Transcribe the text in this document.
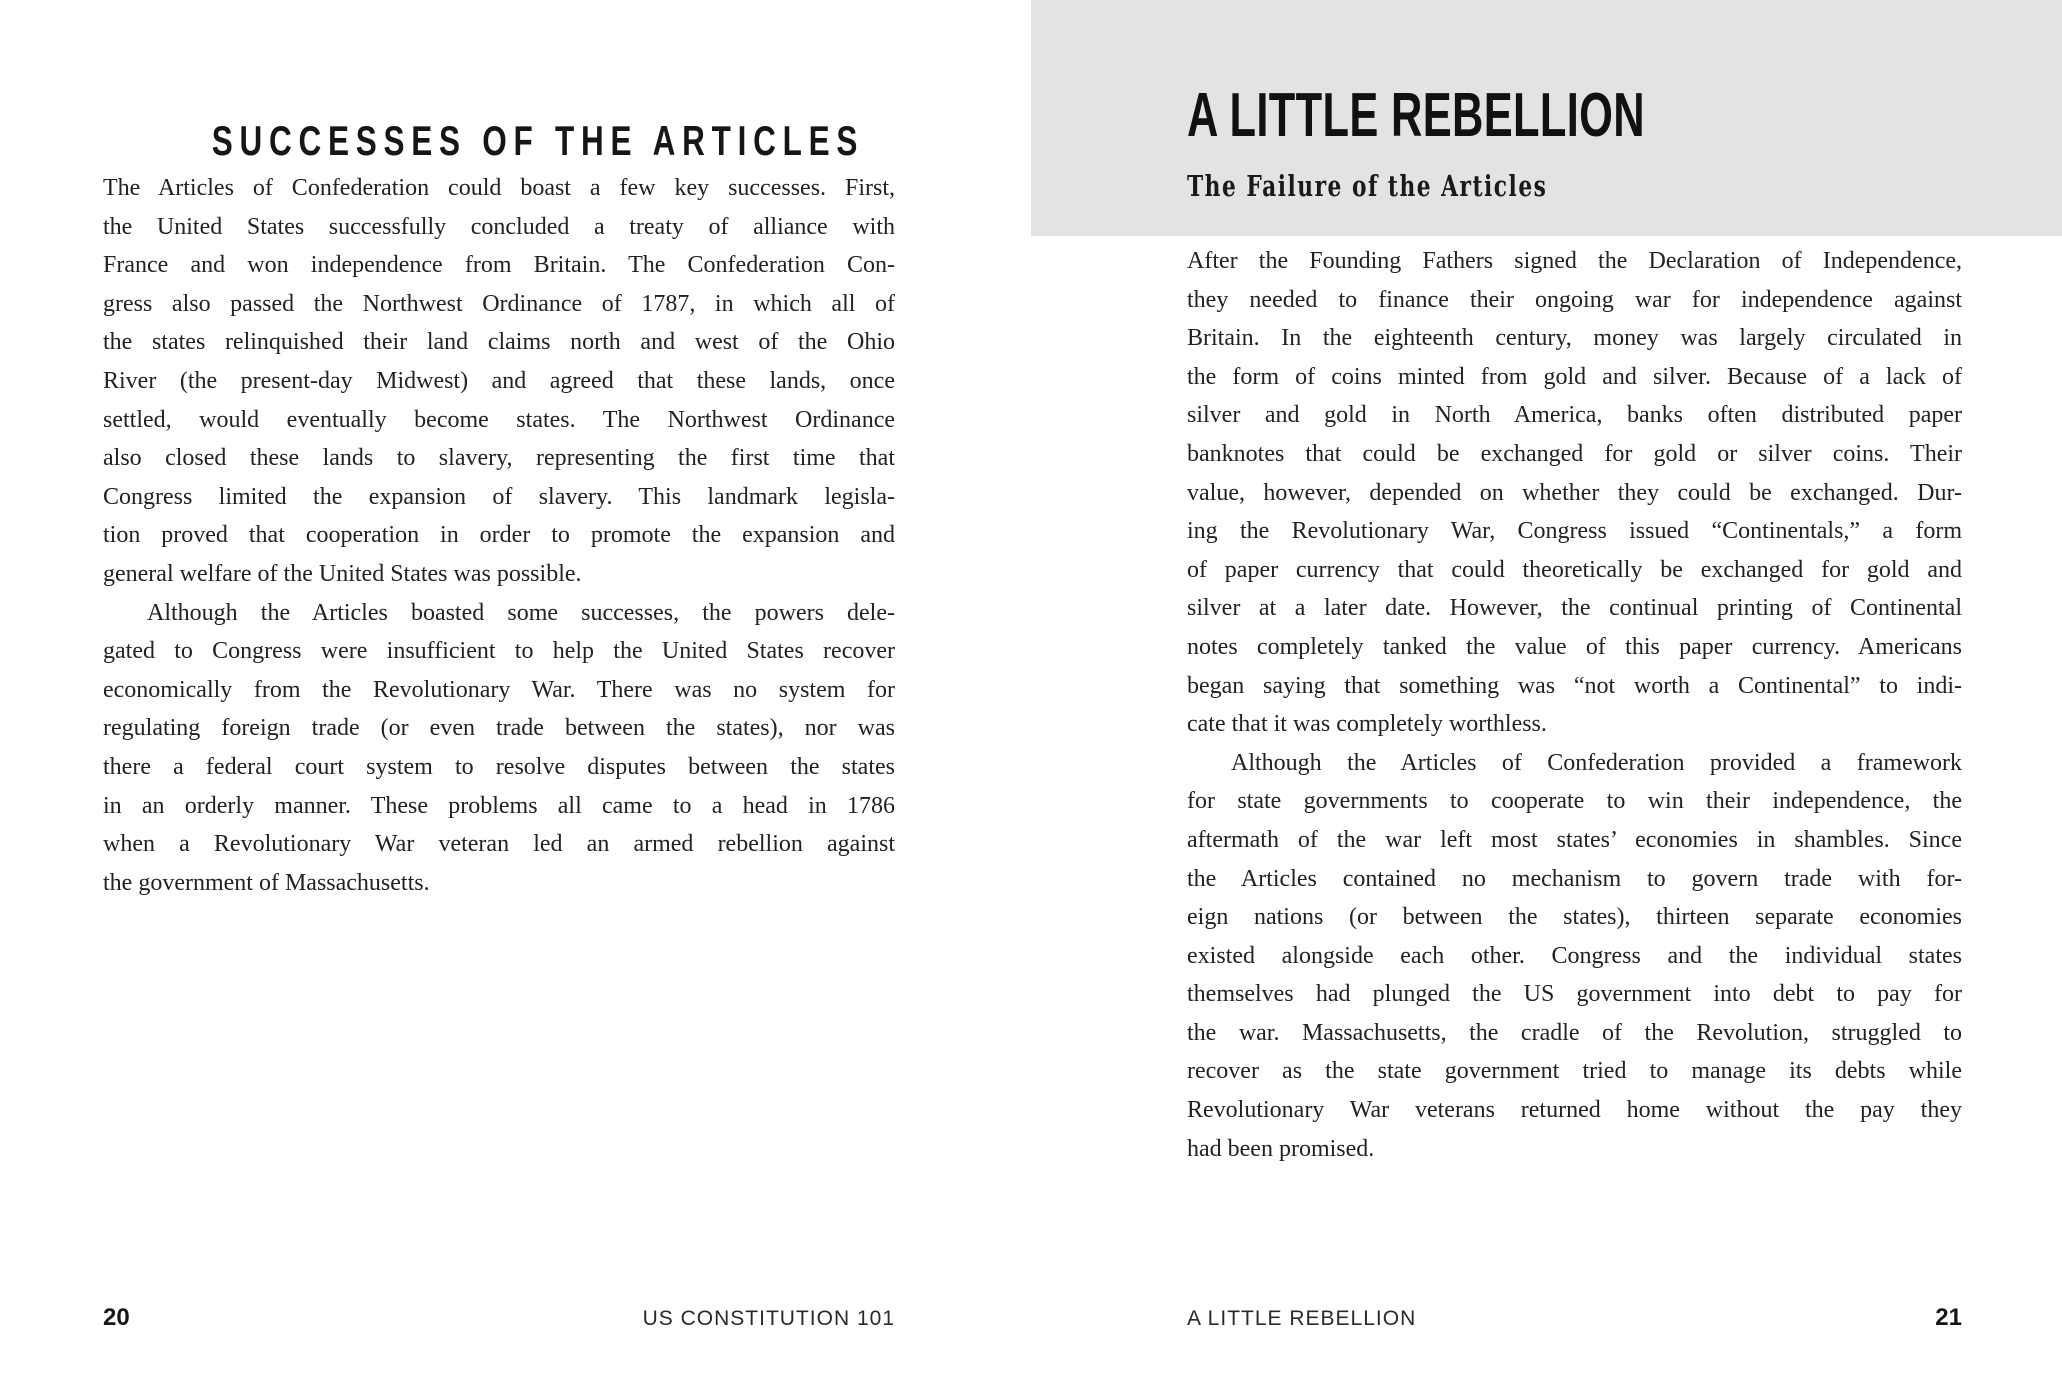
SUCCESSES OF THE ARTICLES
The Articles of Confederation could boast a few key successes. First,
the United States successfully concluded a treaty of alliance with
France and won independence from Britain. The Confederation Con-
gress also passed the Northwest Ordinance of 1787, in which all of
the states relinquished their land claims north and west of the Ohio
River (the present-day Midwest) and agreed that these lands, once
settled, would eventually become states. The Northwest Ordinance
also closed these lands to slavery, representing the first time that
Congress limited the expansion of slavery. This landmark legisla-
tion proved that cooperation in order to promote the expansion and
general welfare of the United States was possible.
Although the Articles boasted some successes, the powers dele-
gated to Congress were insufficient to help the United States recover
economically from the Revolutionary War. There was no system for
regulating foreign trade (or even trade between the states), nor was
there a federal court system to resolve disputes between the states
in an orderly manner. These problems all came to a head in 1786
when a Revolutionary War veteran led an armed rebellion against
the government of Massachusetts.
20	US CONSTITUTION 101
A LITTLE REBELLION
The Failure of the Articles
After the Founding Fathers signed the Declaration of Independence,
they needed to finance their ongoing war for independence against
Britain. In the eighteenth century, money was largely circulated in
the form of coins minted from gold and silver. Because of a lack of
silver and gold in North America, banks often distributed paper
banknotes that could be exchanged for gold or silver coins. Their
value, however, depended on whether they could be exchanged. Dur-
ing the Revolutionary War, Congress issued “Continentals,” a form
of paper currency that could theoretically be exchanged for gold and
silver at a later date. However, the continual printing of Continental
notes completely tanked the value of this paper currency. Americans
began saying that something was “not worth a Continental” to indi-
cate that it was completely worthless.
Although the Articles of Confederation provided a framework
for state governments to cooperate to win their independence, the
aftermath of the war left most states’ economies in shambles. Since
the Articles contained no mechanism to govern trade with for-
eign nations (or between the states), thirteen separate economies
existed alongside each other. Congress and the individual states
themselves had plunged the US government into debt to pay for
the war. Massachusetts, the cradle of the Revolution, struggled to
recover as the state government tried to manage its debts while
Revolutionary War veterans returned home without the pay they
had been promised.
A LITTLE REBELLION	21
